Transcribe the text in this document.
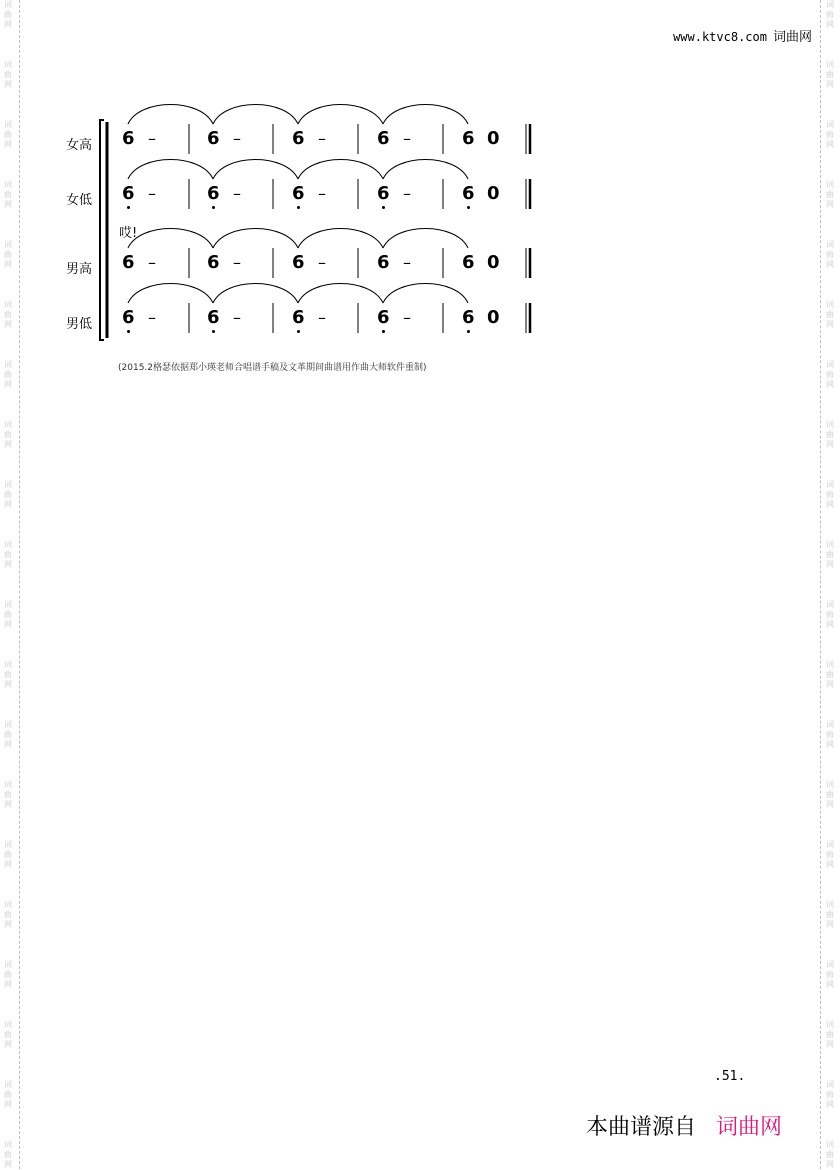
词
曲
网
词
曲
网
词
曲
网
词
曲
网
词
曲
网
词
曲
网
词
曲
网
词
曲
网
词
曲
网
词
曲
网
词
曲
网
词
曲
网
词
曲
网
词
曲
网
词
曲
网
词
曲
网
词
曲
网
词
曲
网
词
曲
网
词
曲
网
词
曲
网
词
曲
网
词
曲
网
词
曲
网
词
曲
网
词
曲
网
词
曲
网
词
曲
网
词
曲
网
词
曲
网
词
曲
网
词
曲
网
词
曲
网
词
曲
网
词
曲
网
词
曲
网
词
曲
网
词
曲
网
词
曲
网
词
曲
网
www.ktvc8.com 词曲网
女高 6 –	6 –	6 –	6 –	6 0
女低 6 –	6 –	6 –	6 –	6 0
男高 6 –	6 –	6 –	6 –	6 0
男低 6 –	6 –	6 –	6 –	6 0
哎!
(2015.2格瑟依据郑小瑛老师合唱谱手稿及文革期间曲谱用作曲大师软件重制)
.51.
本曲谱源自 词曲网
